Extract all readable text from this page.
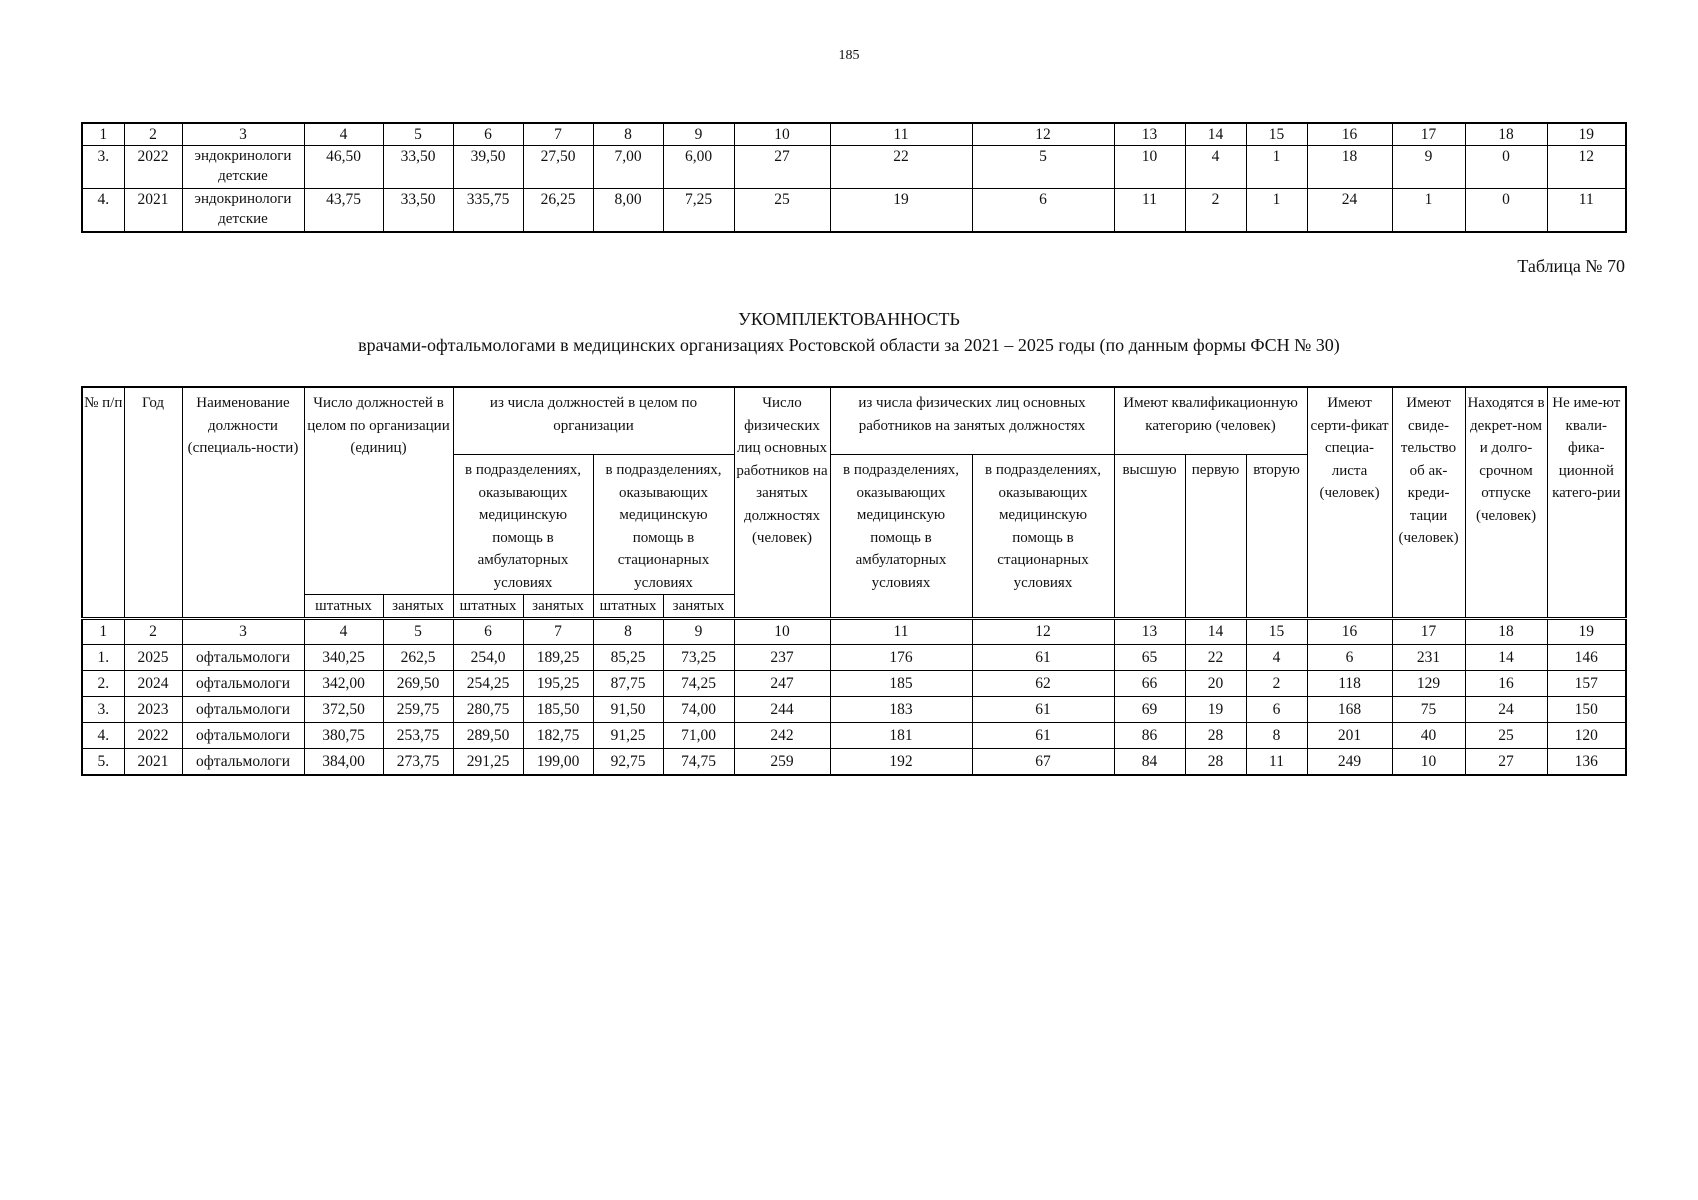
185
1	2	3	4	5	6	7	8	9	10	11	12	13	14	15	16	17	18	19
3.	2022	эндокринологи детские	46,50	33,50	39,50	27,50	7,00	6,00	27	22	5	10	4	1	18	9	0	12
4.	2021	эндокринологи детские	43,75	33,50	335,75	26,25	8,00	7,25	25	19	6	11	2	1	24	1	0	11
Таблица № 70
УКОМПЛЕКТОВАННОСТЬ
врачами-офтальмологами в медицинских организациях Ростовской области за 2021 – 2025 годы (по данным формы ФСН № 30)
№ п/п	Год	Наименование должности (специаль-ности)	Число должностей в целом по организации (единиц)		из числа должностей в целом по организации				Число физических лиц основных работников на занятых должностях (человек)	из числа физических лиц основных работников на занятых должностях		Имеют квалификационную категорию (человек)			Имеют серти-фикат специа-листа (человек)	Имеют свиде-тельство об ак-креди-тации (человек)	Находятся в декрет-ном и долго-срочном отпуске (человек)	Не име-ют квали-фика-ционной катего-рии
					в подразделениях, оказывающих медицинскую помощь в амбулаторных условиях		в подразделениях, оказывающих медицинскую помощь в стационарных условиях			в подразделениях, оказывающих медицинскую помощь в амбулаторных условиях	в подразделениях, оказывающих медицинскую помощь в стационарных условиях	высшую	первую	вторую				

			штатных	занятых	штатных	занятых	штатных	занятых										
1	2	3	4	5	6	7	8	9	10	11	12	13	14	15	16	17	18	19
1.	2025	офтальмологи	340,25	262,5	254,0	189,25	85,25	73,25	237	176	61	65	22	4	6	231	14	146
2.	2024	офтальмологи	342,00	269,50	254,25	195,25	87,75	74,25	247	185	62	66	20	2	118	129	16	157
3.	2023	офтальмологи	372,50	259,75	280,75	185,50	91,50	74,00	244	183	61	69	19	6	168	75	24	150
4.	2022	офтальмологи	380,75	253,75	289,50	182,75	91,25	71,00	242	181	61	86	28	8	201	40	25	120
5.	2021	офтальмологи	384,00	273,75	291,25	199,00	92,75	74,75	259	192	67	84	28	11	249	10	27	136
